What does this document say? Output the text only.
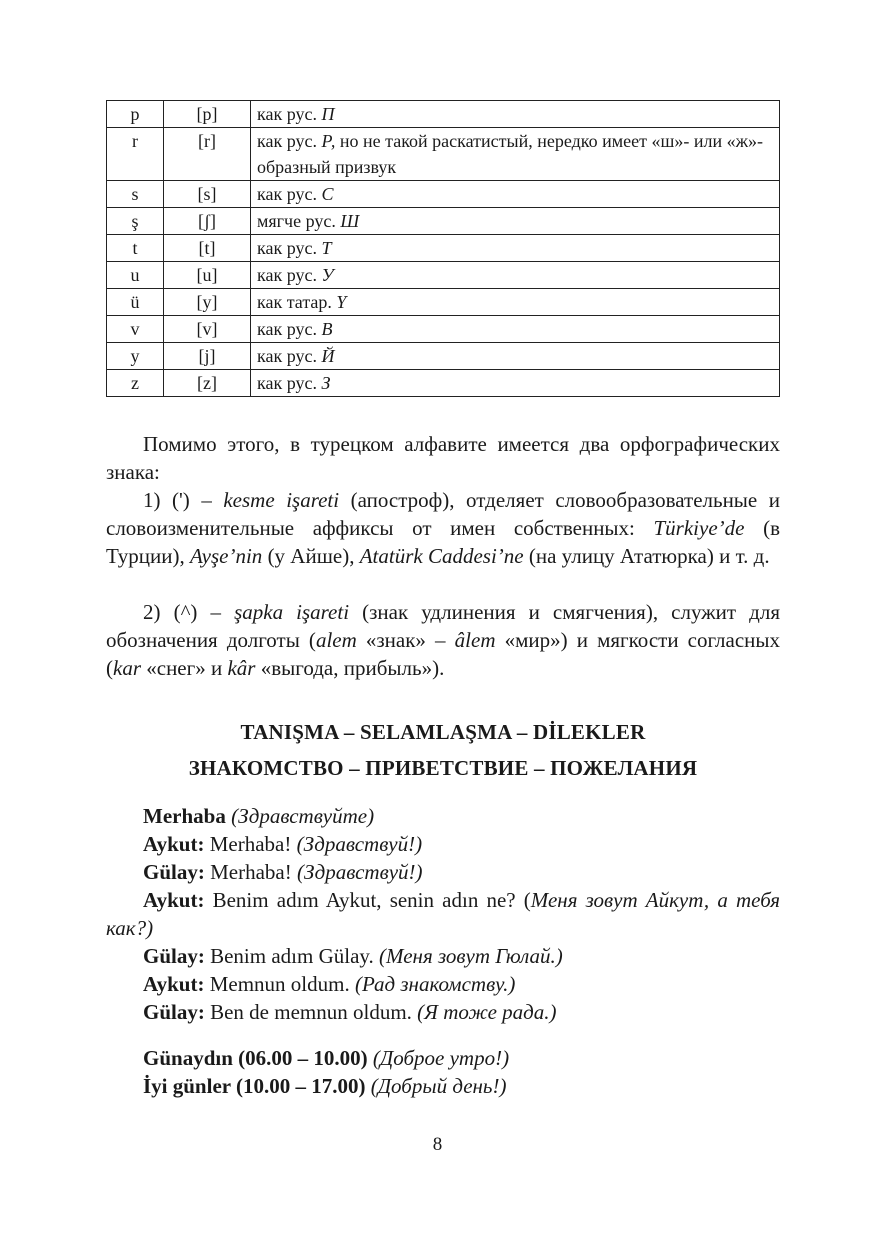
p	[p]	как рус. П
r	[r]	как рус. Р, но не такой раскатистый, нередко имеет «ш»- или «ж»-образный призвук
s	[s]	как рус. С
ş	[ʃ]	мягче рус. Ш
t	[t]	как рус. Т
u	[u]	как рус. У
ü	[y]	как татар. Y
v	[v]	как рус. В
y	[j]	как рус. Й
z	[z]	как рус. З

Помимо этого, в турецком алфавите имеется два орфографических знака:

1) (') – kesme işareti (апостроф), отделяет словообразовательные и словоизменительные аффиксы от имен собственных: Türkiye’de (в Турции), Ayşe’nin (у Айше), Atatürk Caddesi’ne (на улицу Ататюрка) и т. д.

2) (^) – şapka işareti (знак удлинения и смягчения), служит для обозначения долготы (alem «знак» – âlem «мир») и мягкости согласных (kar «снег» и kâr «выгода, прибыль»).

TANIŞMA – SELAMLAŞMA – DİLEKLER
ЗНАКОМСТВО – ПРИВЕТСТВИЕ – ПОЖЕЛАНИЯ

Merhaba (Здравствуйте)

Aykut: Merhaba! (Здравствуй!)

Gülay: Merhaba! (Здравствуй!)

Aykut: Benim adım Aykut, senin adın ne? (Меня зовут Айкут, а тебя как?)

Gülay: Benim adım Gülay. (Меня зовут Гюлай.)

Aykut: Memnun oldum. (Рад знакомству.)

Gülay: Ben de memnun oldum. (Я тоже рада.)

Günaydın (06.00 – 10.00) (Доброе утро!)

İyi günler (10.00 – 17.00) (Добрый день!)

8
